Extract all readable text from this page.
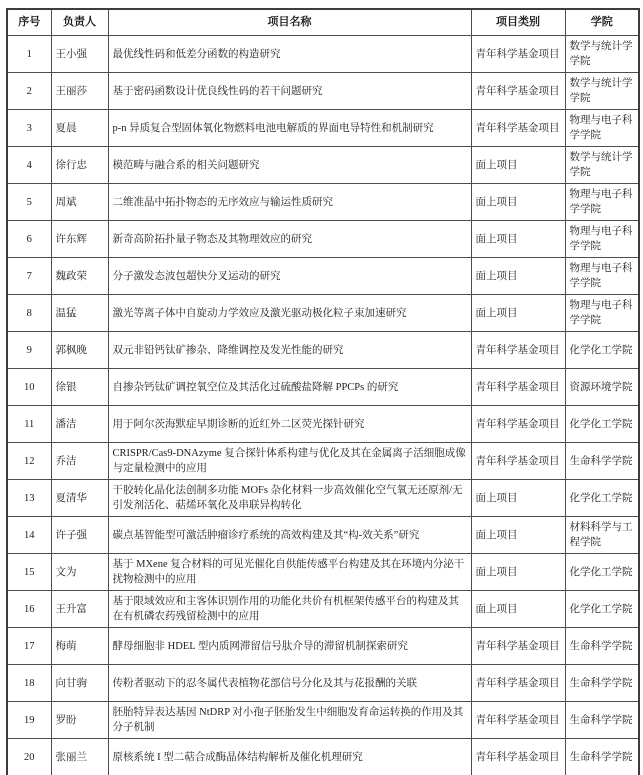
序号	负责人	项目名称	项目类别	学院
1	王小强	最优线性码和低差分函数的构造研究	青年科学基金项目	数学与统计学学院
2	王丽莎	基于密码函数设计优良线性码的若干问题研究	青年科学基金项目	数学与统计学学院
3	夏晨	p-n 异质复合型固体氧化物燃料电池电解质的界面电导特性和机制研究	青年科学基金项目	物理与电子科学学院
4	徐行忠	模范畴与融合系的相关问题研究	面上项目	数学与统计学学院
5	周斌	二维准晶中拓扑物态的无序效应与输运性质研究	面上项目	物理与电子科学学院
6	许东辉	新奇高阶拓扑量子物态及其物理效应的研究	面上项目	物理与电子科学学院
7	魏政荣	分子激发态波包超快分叉运动的研究	面上项目	物理与电子科学学院
8	温猛	激光等离子体中自旋动力学效应及激光驱动极化粒子束加速研究	面上项目	物理与电子科学学院
9	郭枫晚	双元非铅钙钛矿掺杂、降维调控及发光性能的研究	青年科学基金项目	化学化工学院
10	徐银	自掺杂钙钛矿调控氧空位及其活化过硫酸盐降解 PPCPs 的研究	青年科学基金项目	资源环境学院
11	潘洁	用于阿尔茨海默症早期诊断的近红外二区荧光探针研究	青年科学基金项目	化学化工学院
12	乔洁	CRISPR/Cas9-DNAzyme 复合探针体系构建与优化及其在金属离子活细胞成像与定量检测中的应用	青年科学基金项目	生命科学学院
13	夏清华	干胶转化晶化法创制多功能 MOFs 杂化材料一步高效催化空气氧无还原剂/无引发剂活化、萜烯环氧化及串联异构转化	面上项目	化学化工学院
14	许子强	碳点基智能型可激活肿瘤诊疗系统的高效构建及其“构-效关系”研究	面上项目	材料科学与工程学院
15	文为	基于 MXene 复合材料的可见光催化自供能传感平台构建及其在环境内分泌干扰物检测中的应用	面上项目	化学化工学院
16	王升富	基于限域效应和主客体识别作用的功能化共价有机框架传感平台的构建及其在有机磷农药残留检测中的应用	面上项目	化学化工学院
17	梅萌	酵母细胞非 HDEL 型内质网滞留信号肽介导的滞留机制探索研究	青年科学基金项目	生命科学学院
18	向甘驹	传粉者驱动下的忍冬属代表植物花部信号分化及其与花报酬的关联	青年科学基金项目	生命科学学院
19	罗盼	胚胎特异表达基因 NtDRP 对小孢子胚胎发生中细胞发育命运转换的作用及其分子机制	青年科学基金项目	生命科学学院
20	张丽兰	原核系统 I 型二萜合成酶晶体结构解析及催化机理研究	青年科学基金项目	生命科学学院
